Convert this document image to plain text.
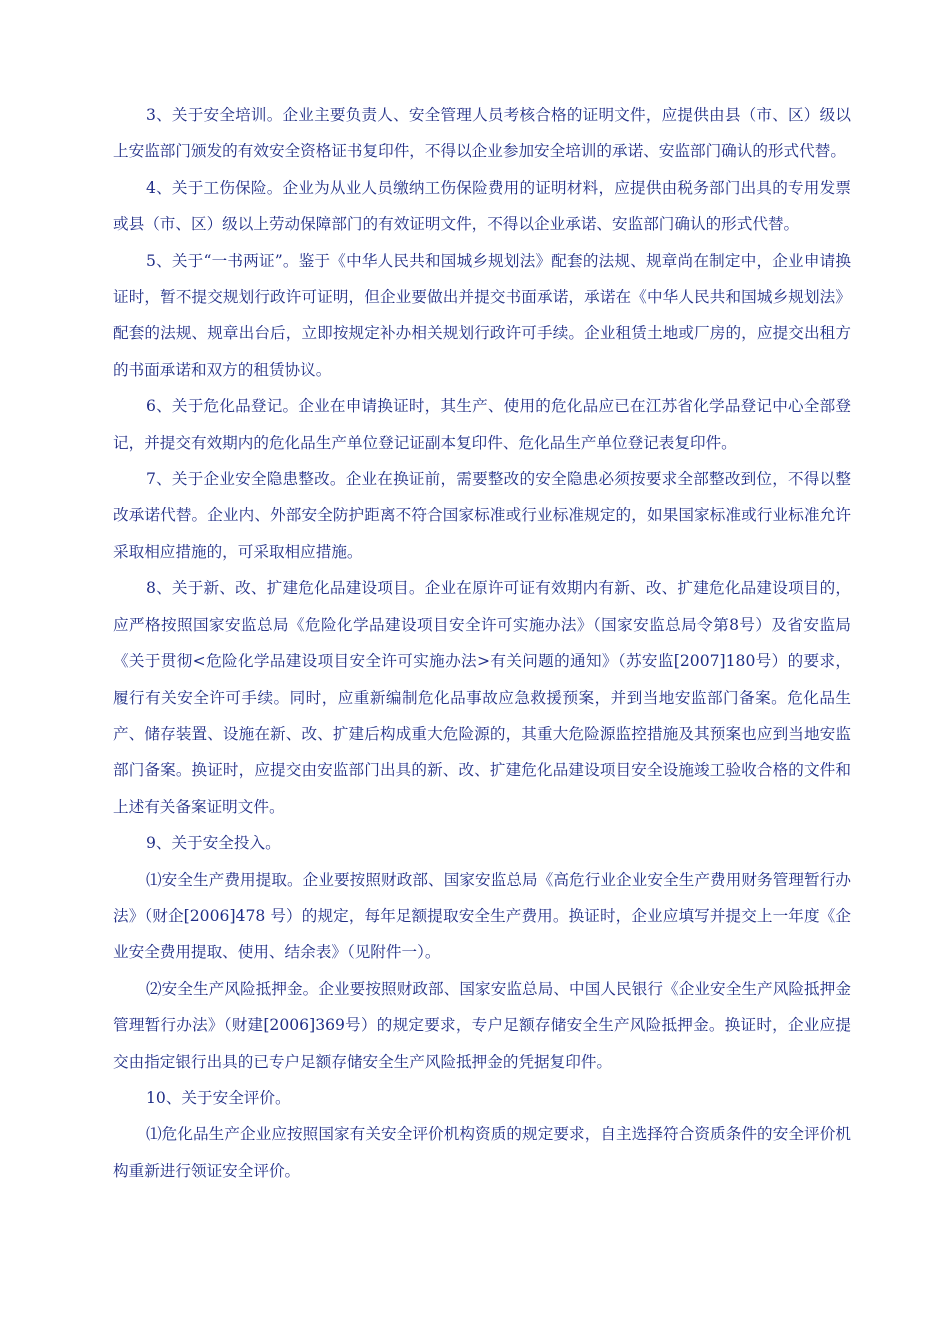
3、关于安全培训。企业主要负责人、安全管理人员考核合格的证明文件，应提供由县（市、区）级以上安监部门颁发的有效安全资格证书复印件，不得以企业参加安全培训的承诺、安监部门确认的形式代替。

4、关于工伤保险。企业为从业人员缴纳工伤保险费用的证明材料，应提供由税务部门出具的专用发票或县（市、区）级以上劳动保障部门的有效证明文件，不得以企业承诺、安监部门确认的形式代替。

5、关于“一书两证”。鉴于《中华人民共和国城乡规划法》配套的法规、规章尚在制定中，企业申请换证时，暂不提交规划行政许可证明，但企业要做出并提交书面承诺，承诺在《中华人民共和国城乡规划法》配套的法规、规章出台后，立即按规定补办相关规划行政许可手续。企业租赁土地或厂房的，应提交出租方的书面承诺和双方的租赁协议。

6、关于危化品登记。企业在申请换证时，其生产、使用的危化品应已在江苏省化学品登记中心全部登记，并提交有效期内的危化品生产单位登记证副本复印件、危化品生产单位登记表复印件。

7、关于企业安全隐患整改。企业在换证前，需要整改的安全隐患必须按要求全部整改到位，不得以整改承诺代替。企业内、外部安全防护距离不符合国家标准或行业标准规定的，如果国家标准或行业标准允许采取相应措施的，可采取相应措施。

8、关于新、改、扩建危化品建设项目。企业在原许可证有效期内有新、改、扩建危化品建设项目的，应严格按照国家安监总局《危险化学品建设项目安全许可实施办法》（国家安监总局令第8号）及省安监局《关于贯彻<危险化学品建设项目安全许可实施办法>有关问题的通知》（苏安监[2007]180号）的要求，履行有关安全许可手续。同时，应重新编制危化品事故应急救援预案，并到当地安监部门备案。危化品生产、储存装置、设施在新、改、扩建后构成重大危险源的，其重大危险源监控措施及其预案也应到当地安监部门备案。换证时，应提交由安监部门出具的新、改、扩建危化品建设项目安全设施竣工验收合格的文件和上述有关备案证明文件。

9、关于安全投入。

⑴安全生产费用提取。企业要按照财政部、国家安监总局《高危行业企业安全生产费用财务管理暂行办法》（财企[2006]478 号）的规定，每年足额提取安全生产费用。换证时，企业应填写并提交上一年度《企业安全费用提取、使用、结余表》（见附件一）。

⑵安全生产风险抵押金。企业要按照财政部、国家安监总局、中国人民银行《企业安全生产风险抵押金管理暂行办法》（财建[2006]369号）的规定要求，专户足额存储安全生产风险抵押金。换证时，企业应提交由指定银行出具的已专户足额存储安全生产风险抵押金的凭据复印件。

10、关于安全评价。

⑴危化品生产企业应按照国家有关安全评价机构资质的规定要求，自主选择符合资质条件的安全评价机构重新进行领证安全评价。
